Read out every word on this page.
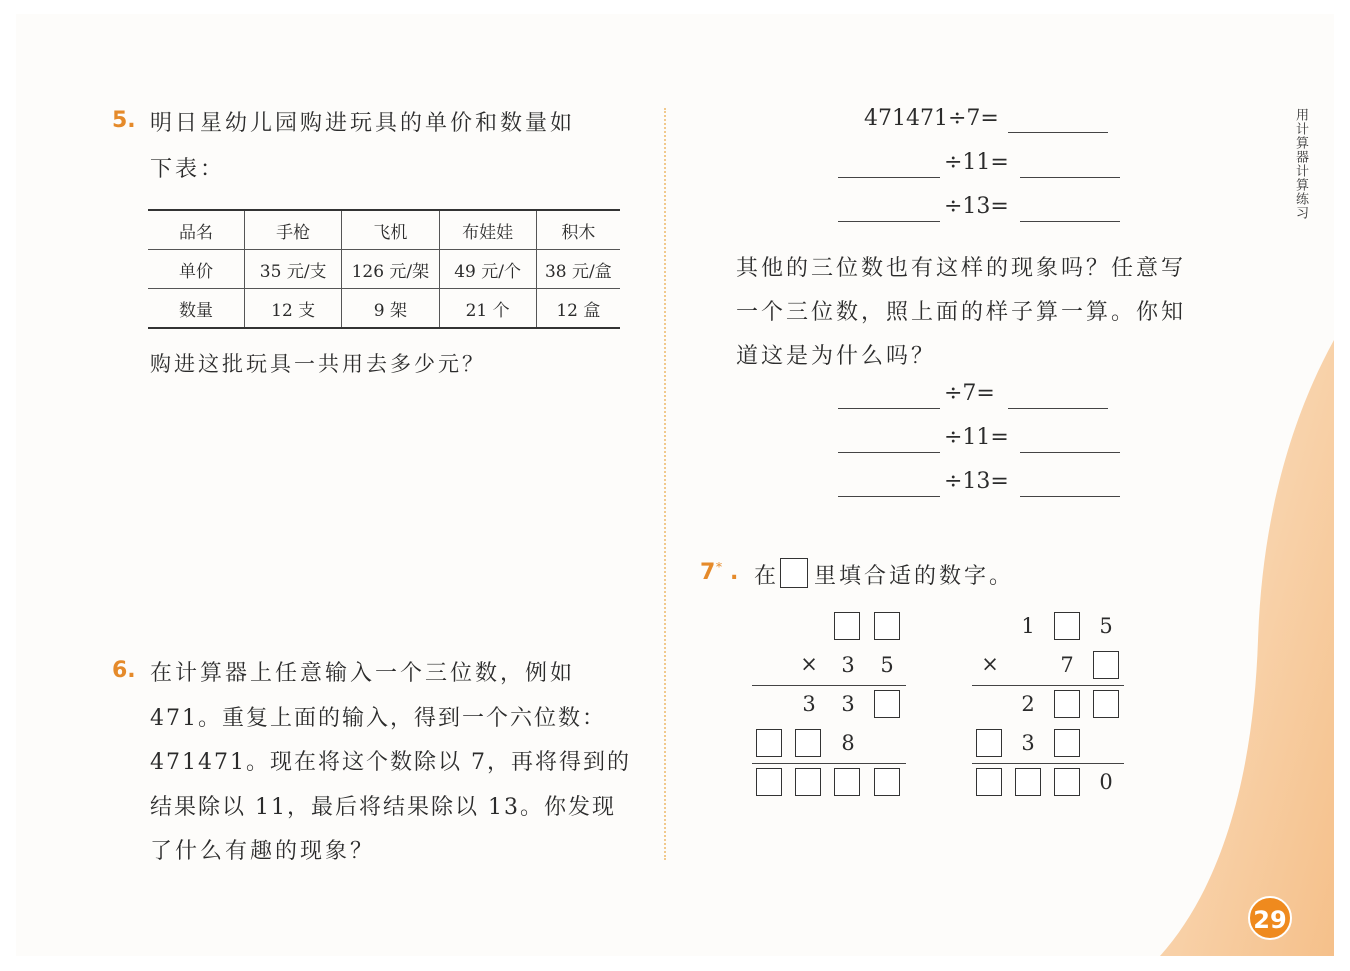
5. 明日星幼儿园购进玩具的单价和数量如
下表：
品名	手枪	飞机	布娃娃	积木
单价	35 元/支	126 元/架	49 元/个	38 元/盒
数量	12 支	9 架	21 个	12 盒
购进这批玩具一共用去多少元？
6. 在计算器上任意输入一个三位数，例如
471。重复上面的输入，得到一个六位数：
471471。现在将这个数除以 7，再将得到的
结果除以 11，最后将结果除以 13。你发现
了什么有趣的现象？
471471÷7=
÷11=
÷13=
其他的三位数也有这样的现象吗？任意写
一个三位数，照上面的样子算一算。你知
道这是为什么吗？
÷7=
÷11=
÷13=
7 * . 在 里填合适的数字。
×	3	5
3	3
8
1	5
×	7
2
3
0
用计算器计算练习
29
